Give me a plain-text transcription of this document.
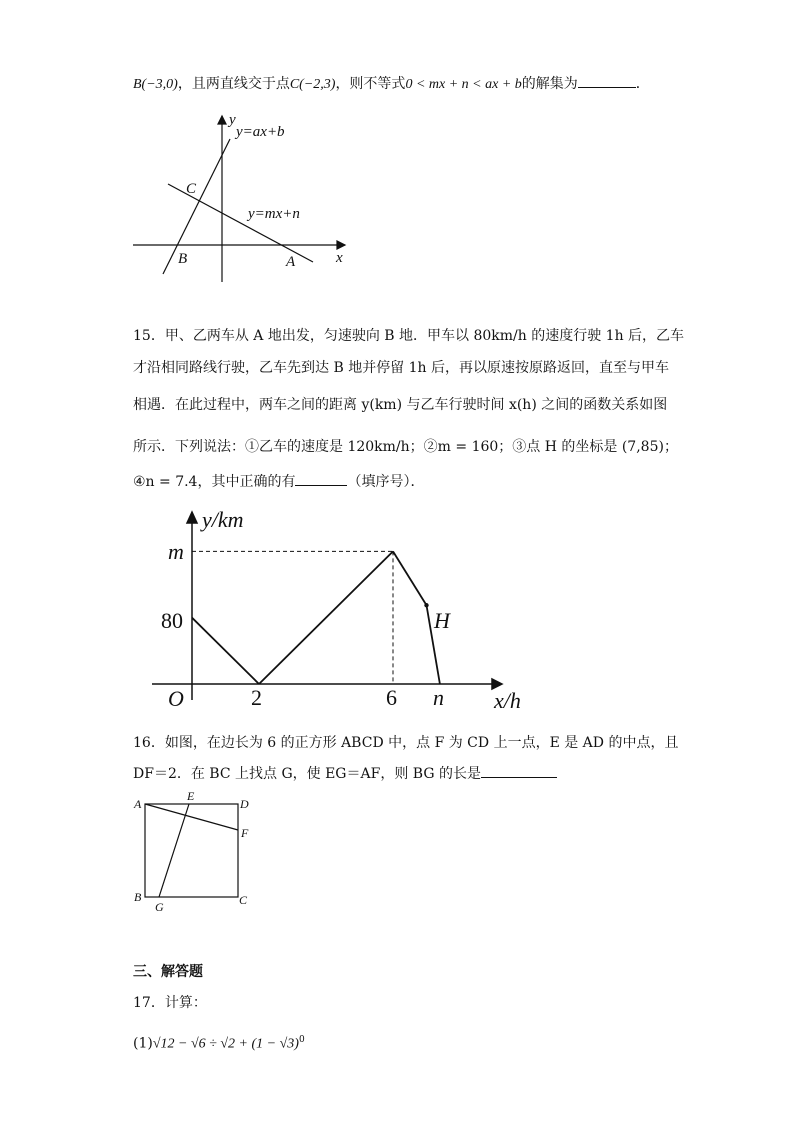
B(−3,0)，且两直线交于点C(−2,3)，则不等式0 < mx + n < ax + b的解集为	．
y
y=ax+b
C
y=mx+n
B	A	x
15．甲、乙两车从 A 地出发，匀速驶向 B 地．甲车以 80km/h 的速度行驶 1h 后，乙车
才沿相同路线行驶，乙车先到达 B 地并停留 1h 后，再以原速按原路返回，直至与甲车
相遇．在此过程中，两车之间的距离 y(km) 与乙车行驶时间 x(h) 之间的函数关系如图
所示．下列说法：①乙车的速度是 120km/h；②m = 160；③点 H 的坐标是 (7,85)；
④n = 7.4，其中正确的有	（填序号）．
y/km
x/h
O
80
m
2	6 n
H
16．如图，在边长为 6 的正方形 ABCD 中，点 F 为 CD 上一点，E 是 AD 的中点，且
DF＝2．在 BC 上找点 G，使 EG＝AF，则 BG 的长是
A
E
D
F
B
G	C
三、解答题
17．计算：
$(1)√12 - √6 \div √2 + (1 - √3)^0$
